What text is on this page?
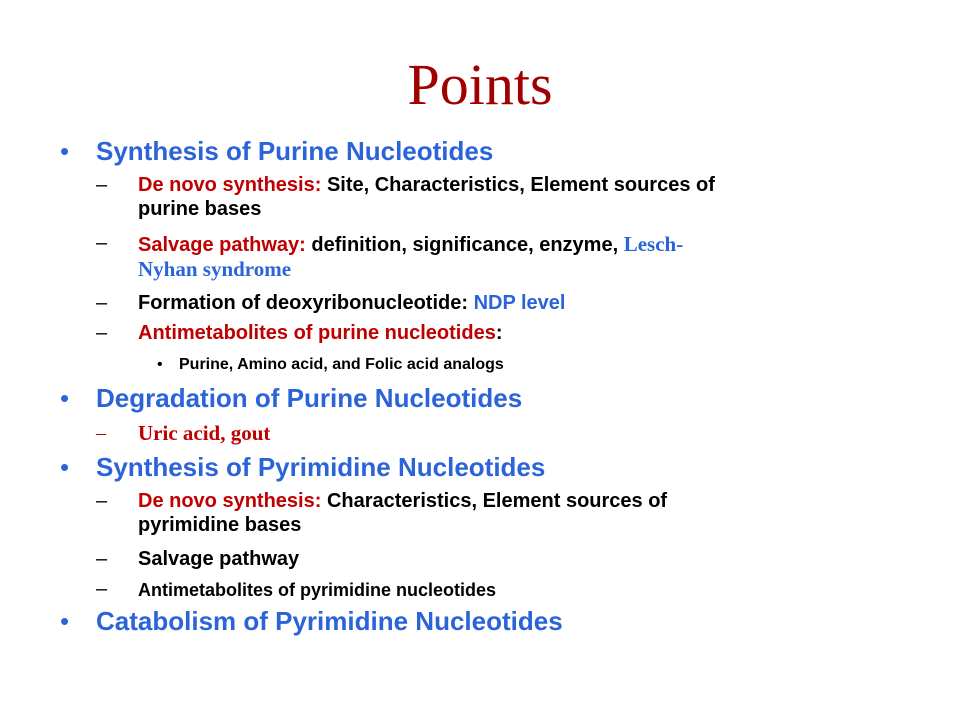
Points
• Synthesis of Purine Nucleotides
– De novo synthesis: Site, Characteristics, Element sources of
purine bases
– Salvage pathway: definition, significance, enzyme, Lesch-
Nyhan syndrome
– Formation of deoxyribonucleotide: NDP level
– Antimetabolites of purine nucleotides:
• Purine, Amino acid, and Folic acid analogs
• Degradation of Purine Nucleotides
– Uric acid, gout
• Synthesis of Pyrimidine Nucleotides
– De novo synthesis: Characteristics, Element sources of
pyrimidine bases
– Salvage pathway
– Antimetabolites of pyrimidine nucleotides
• Catabolism of Pyrimidine Nucleotides
